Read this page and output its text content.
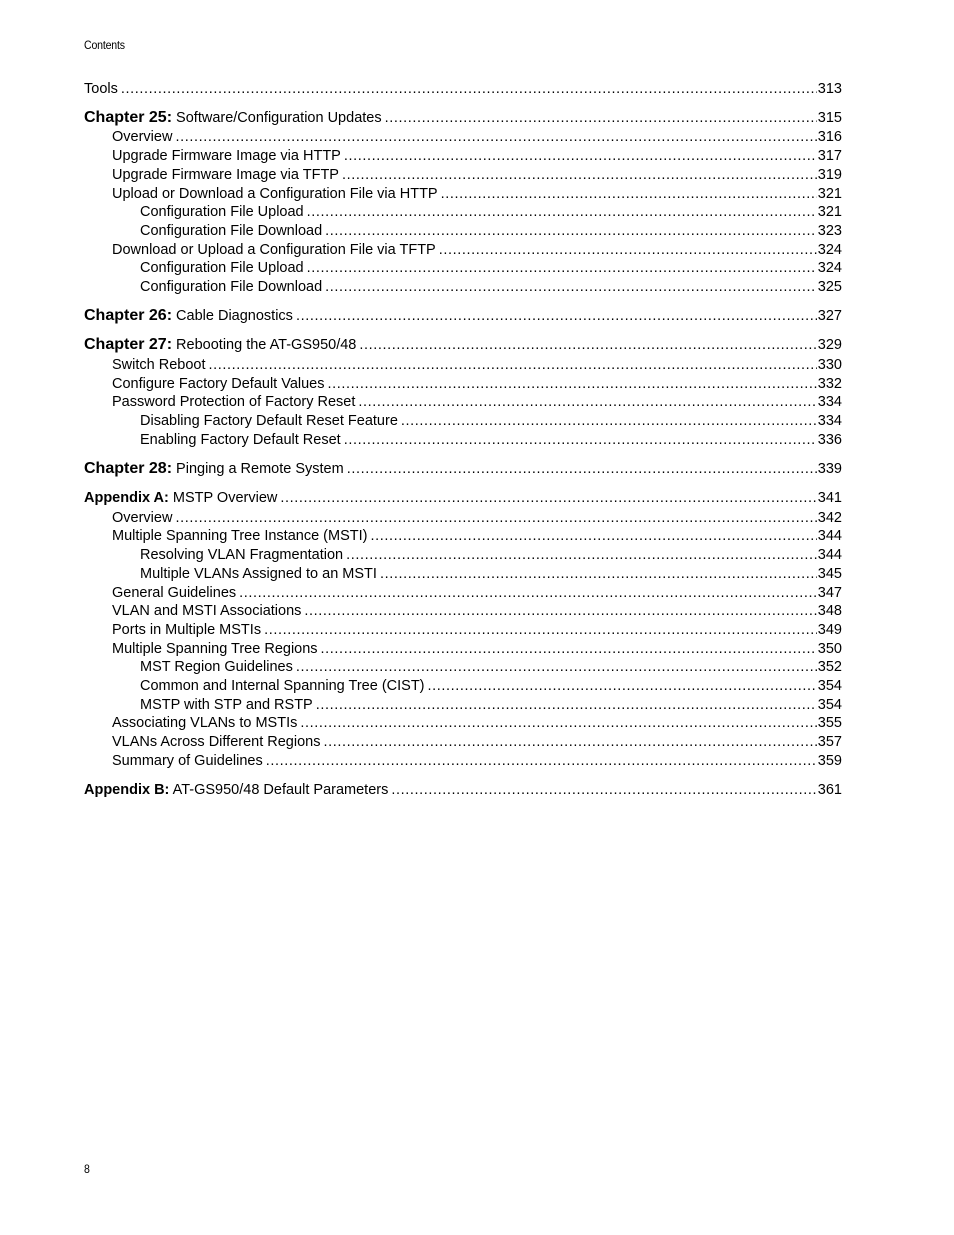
Contents
Tools .....	313
Chapter 25: Software/Configuration Updates .....	315
Overview .....	316
Upgrade Firmware Image via HTTP .....	317
Upgrade Firmware Image via TFTP .....	319
Upload or Download a Configuration File via HTTP .....	321
Configuration File Upload .....	321
Configuration File Download .....	323
Download or Upload a Configuration File via TFTP .....	324
Configuration File Upload .....	324
Configuration File Download .....	325
Chapter 26: Cable Diagnostics .....	327
Chapter 27: Rebooting the AT-GS950/48 .....	329
Switch Reboot .....	330
Configure Factory Default Values .....	332
Password Protection of Factory Reset .....	334
Disabling Factory Default Reset Feature .....	334
Enabling Factory Default Reset .....	336
Chapter 28: Pinging a Remote System .....	339
Appendix A: MSTP Overview .....	341
Overview .....	342
Multiple Spanning Tree Instance (MSTI) .....	344
Resolving VLAN Fragmentation .....	344
Multiple VLANs Assigned to an MSTI .....	345
General Guidelines .....	347
VLAN and MSTI Associations .....	348
Ports in Multiple MSTIs .....	349
Multiple Spanning Tree Regions .....	350
MST Region Guidelines .....	352
Common and Internal Spanning Tree (CIST) .....	354
MSTP with STP and RSTP .....	354
Associating VLANs to MSTIs .....	355
VLANs Across Different Regions .....	357
Summary of Guidelines .....	359
Appendix B: AT-GS950/48 Default Parameters .....	361
8
